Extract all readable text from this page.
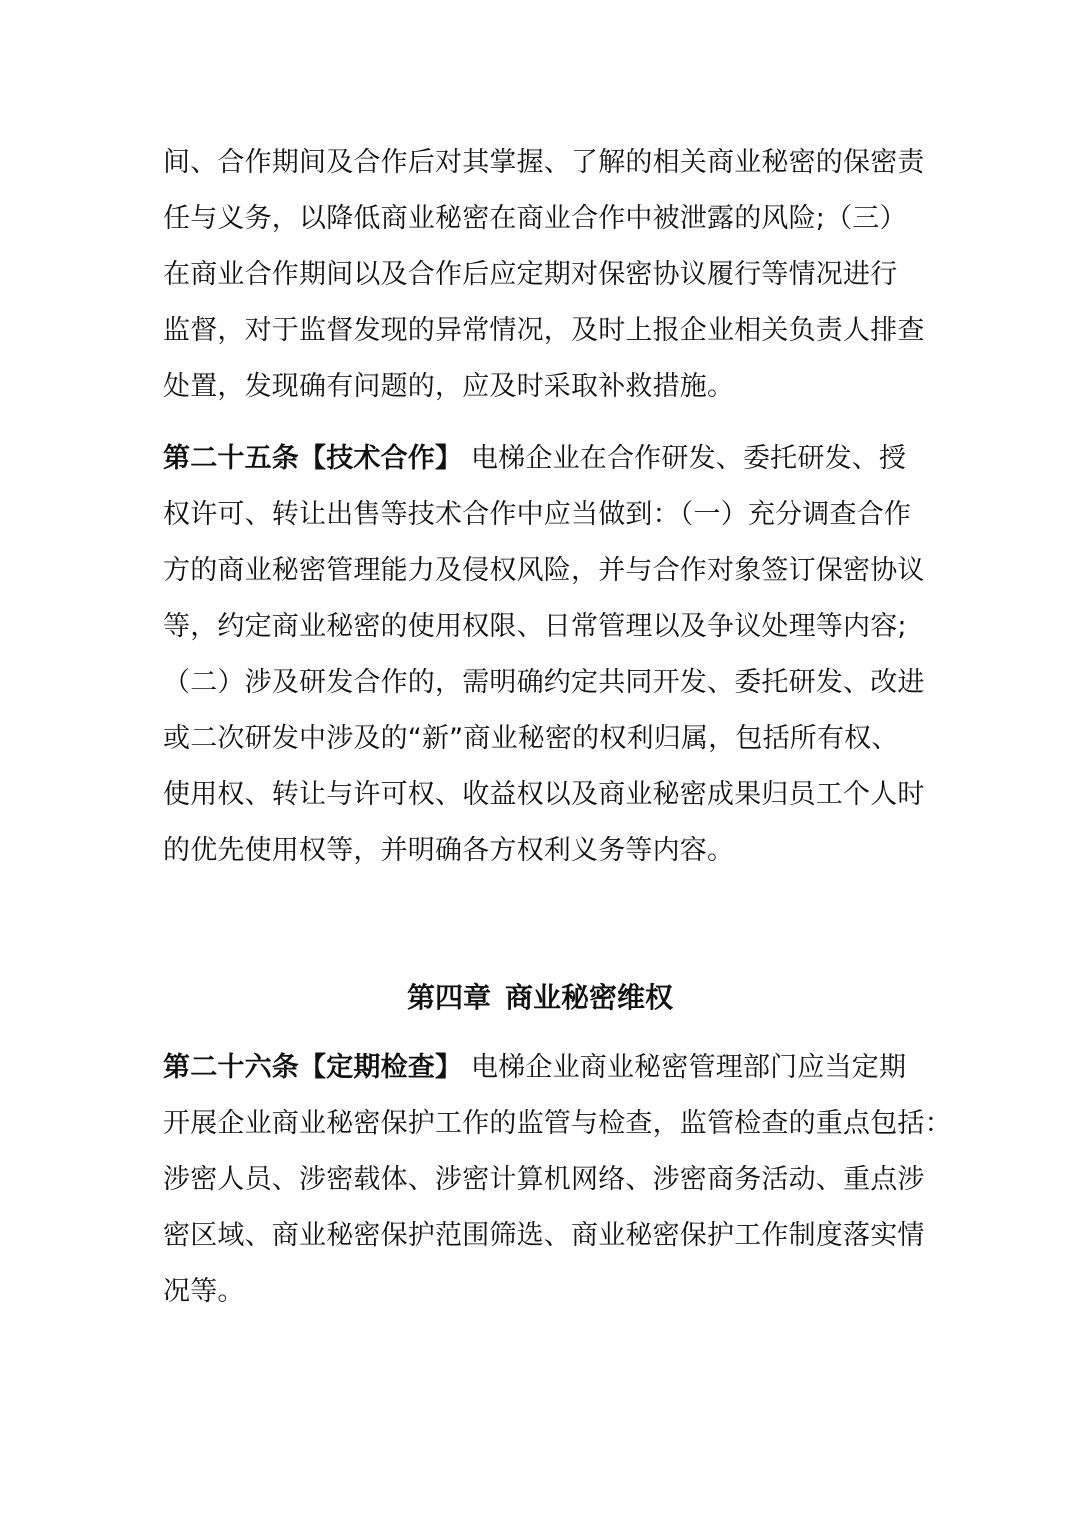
间、合作期间及合作后对其掌握、了解的相关商业秘密的保密责
任与义务，以降低商业秘密在商业合作中被泄露的风险;（三）
在商业合作期间以及合作后应定期对保密协议履行等情况进行
监督，对于监督发现的异常情况，及时上报企业相关负责人排查
处置，发现确有问题的，应及时采取补救措施。
第二十五条【技术合作】 电梯企业在合作研发、委托研发、授
权许可、转让出售等技术合作中应当做到：（一）充分调查合作
方的商业秘密管理能力及侵权风险，并与合作对象签订保密协议
等，约定商业秘密的使用权限、日常管理以及争议处理等内容;
（二）涉及研发合作的，需明确约定共同开发、委托研发、改进
或二次研发中涉及的“新”商业秘密的权利归属，包括所有权、
使用权、转让与许可权、收益权以及商业秘密成果归员工个人时
的优先使用权等，并明确各方权利义务等内容。
第四章 商业秘密维权
第二十六条【定期检查】 电梯企业商业秘密管理部门应当定期
开展企业商业秘密保护工作的监管与检查，监管检查的重点包括：
涉密人员、涉密载体、涉密计算机网络、涉密商务活动、重点涉
密区域、商业秘密保护范围筛选、商业秘密保护工作制度落实情
况等。
